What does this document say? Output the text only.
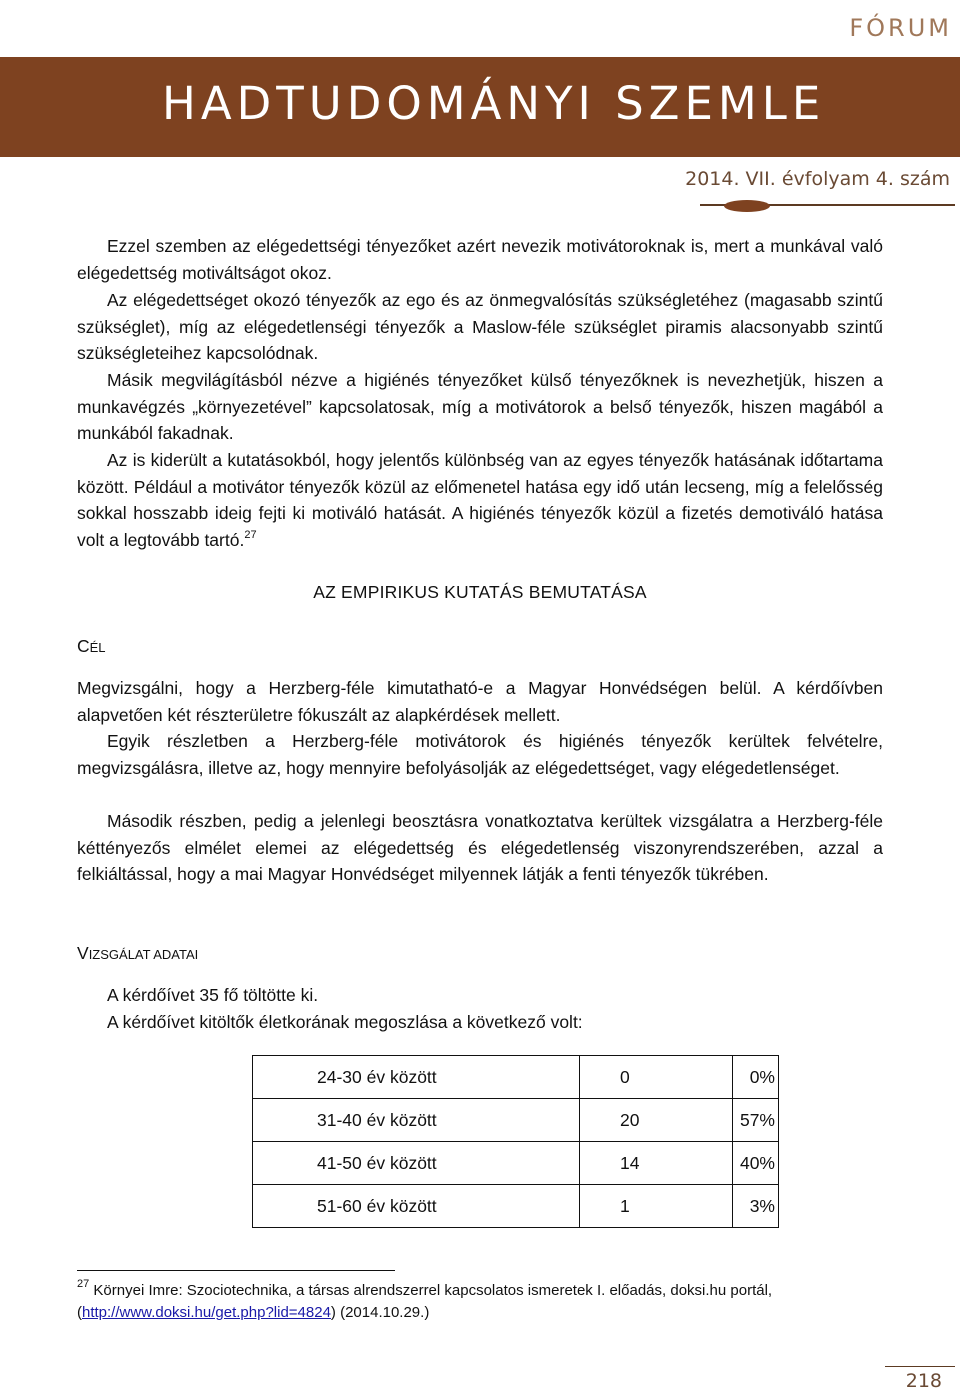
FÓRUM
HADTUDOMÁNYI SZEMLE
2014. VII. évfolyam 4. szám

Ezzel szemben az elégedettségi tényezőket azért nevezik motivátoroknak is, mert a munkával való elégedettség motiváltságot okoz.

Az elégedettséget okozó tényezők az ego és az önmegvalósítás szükségletéhez (magasabb szintű szükséglet), míg az elégedetlenségi tényezők a Maslow-féle szükséglet piramis alacsonyabb szintű szükségleteihez kapcsolódnak.

Másik megvilágításból nézve a higiénés tényezőket külső tényezőknek is nevezhetjük, hiszen a munkavégzés „környezetével” kapcsolatosak, míg a motivátorok a belső tényezők, hiszen magából a munkából fakadnak.

Az is kiderült a kutatásokból, hogy jelentős különbség van az egyes tényezők hatásának időtartama között. Például a motivátor tényezők közül az előmenetel hatása egy idő után lecseng, míg a felelősség sokkal hosszabb ideig fejti ki motiváló hatását. A higiénés tényezők közül a fizetés demotiváló hatása volt a legtovább tartó.$^{27}$

AZ EMPIRIKUS KUTATÁS BEMUTATÁSA
CÉL

Megvizsgálni, hogy a Herzberg-féle kimutatható-e a Magyar Honvédségen belül. A kérdőívben alapvetően két részterületre fókuszált az alapkérdések mellett.

Egyik részletben a Herzberg-féle motivátorok és higiénés tényezők kerültek felvételre, megvizsgálásra, illetve az, hogy mennyire befolyásolják az elégedettséget, vagy elégedetlenséget.

Második részben, pedig a jelenlegi beosztásra vonatkoztatva kerültek vizsgálatra a Herzberg-féle kéttényezős elmélet elemei az elégedettség és elégedetlenség viszonyrendszerében, azzal a felkiáltással, hogy a mai Magyar Honvédséget milyennek látják a fenti tényezők tükrében.

VIZSGÁLAT ADATAI

A kérdőívet 35 fő töltötte ki.

A kérdőívet kitöltők életkorának megoszlása a következő volt:

24-30 év között	0	0%
31-40 év között	20	57%
41-50 év között	14	40%
51-60 év között	1	3%
$^{27}$ Környei Imre: Szociotechnika, a társas alrendszerrel kapcsolatos ismeretek I. előadás, doksi.hu portál, (http://www.doksi.hu/get.php?lid=4824) (2014.10.29.)
218
